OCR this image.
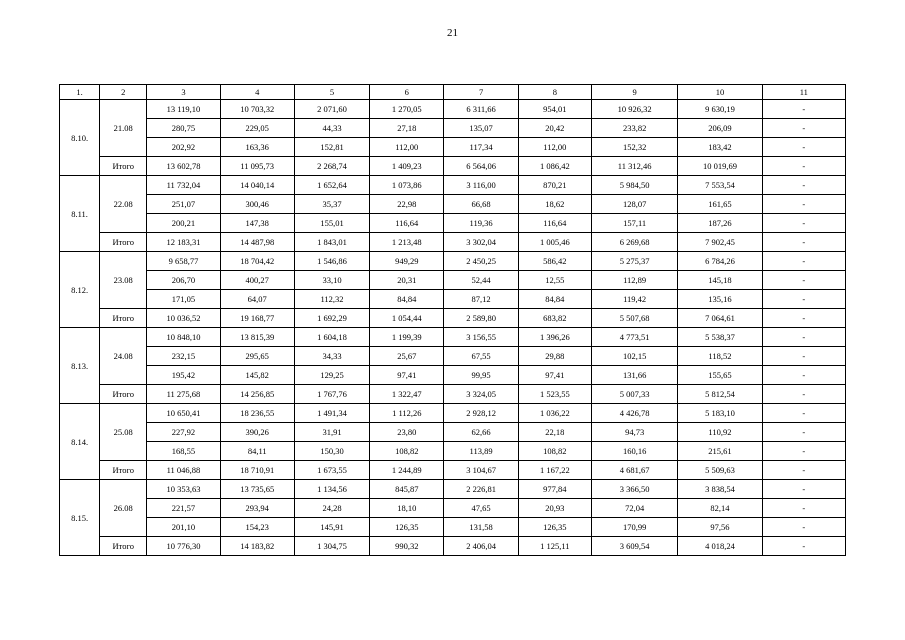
21
1.	2	3	4	5	6	7	8	9	10	11
8.10.	21.08	13 119,10	10 703,32	2 071,60	1 270,05	6 311,66	954,01	10 926,32	9 630,19	-
		280,75	229,05	44,33	27,18	135,07	20,42	233,82	206,09	-
		202,92	163,36	152,81	112,00	117,34	112,00	152,32	183,42	-
	Итого	13 602,78	11 095,73	2 268,74	1 409,23	6 564,06	1 086,42	11 312,46	10 019,69	-
8.11.	22.08	11 732,04	14 040,14	1 652,64	1 073,86	3 116,00	870,21	5 984,50	7 553,54	-
		251,07	300,46	35,37	22,98	66,68	18,62	128,07	161,65	-
		200,21	147,38	155,01	116,64	119,36	116,64	157,11	187,26	-
	Итого	12 183,31	14 487,98	1 843,01	1 213,48	3 302,04	1 005,46	6 269,68	7 902,45	-
8.12.	23.08	9 658,77	18 704,42	1 546,86	949,29	2 450,25	586,42	5 275,37	6 784,26	-
		206,70	400,27	33,10	20,31	52,44	12,55	112,89	145,18	-
		171,05	64,07	112,32	84,84	87,12	84,84	119,42	135,16	-
	Итого	10 036,52	19 168,77	1 692,29	1 054,44	2 589,80	683,82	5 507,68	7 064,61	-
8.13.	24.08	10 848,10	13 815,39	1 604,18	1 199,39	3 156,55	1 396,26	4 773,51	5 538,37	-
		232,15	295,65	34,33	25,67	67,55	29,88	102,15	118,52	-
		195,42	145,82	129,25	97,41	99,95	97,41	131,66	155,65	-
	Итого	11 275,68	14 256,85	1 767,76	1 322,47	3 324,05	1 523,55	5 007,33	5 812,54	-
8.14.	25.08	10 650,41	18 236,55	1 491,34	1 112,26	2 928,12	1 036,22	4 426,78	5 183,10	-
		227,92	390,26	31,91	23,80	62,66	22,18	94,73	110,92	-
		168,55	84,11	150,30	108,82	113,89	108,82	160,16	215,61	-
	Итого	11 046,88	18 710,91	1 673,55	1 244,89	3 104,67	1 167,22	4 681,67	5 509,63	-
8.15.	26.08	10 353,63	13 735,65	1 134,56	845,87	2 226,81	977,84	3 366,50	3 838,54	-
		221,57	293,94	24,28	18,10	47,65	20,93	72,04	82,14	-
		201,10	154,23	145,91	126,35	131,58	126,35	170,99	97,56	-
	Итого	10 776,30	14 183,82	1 304,75	990,32	2 406,04	1 125,11	3 609,54	4 018,24	-
